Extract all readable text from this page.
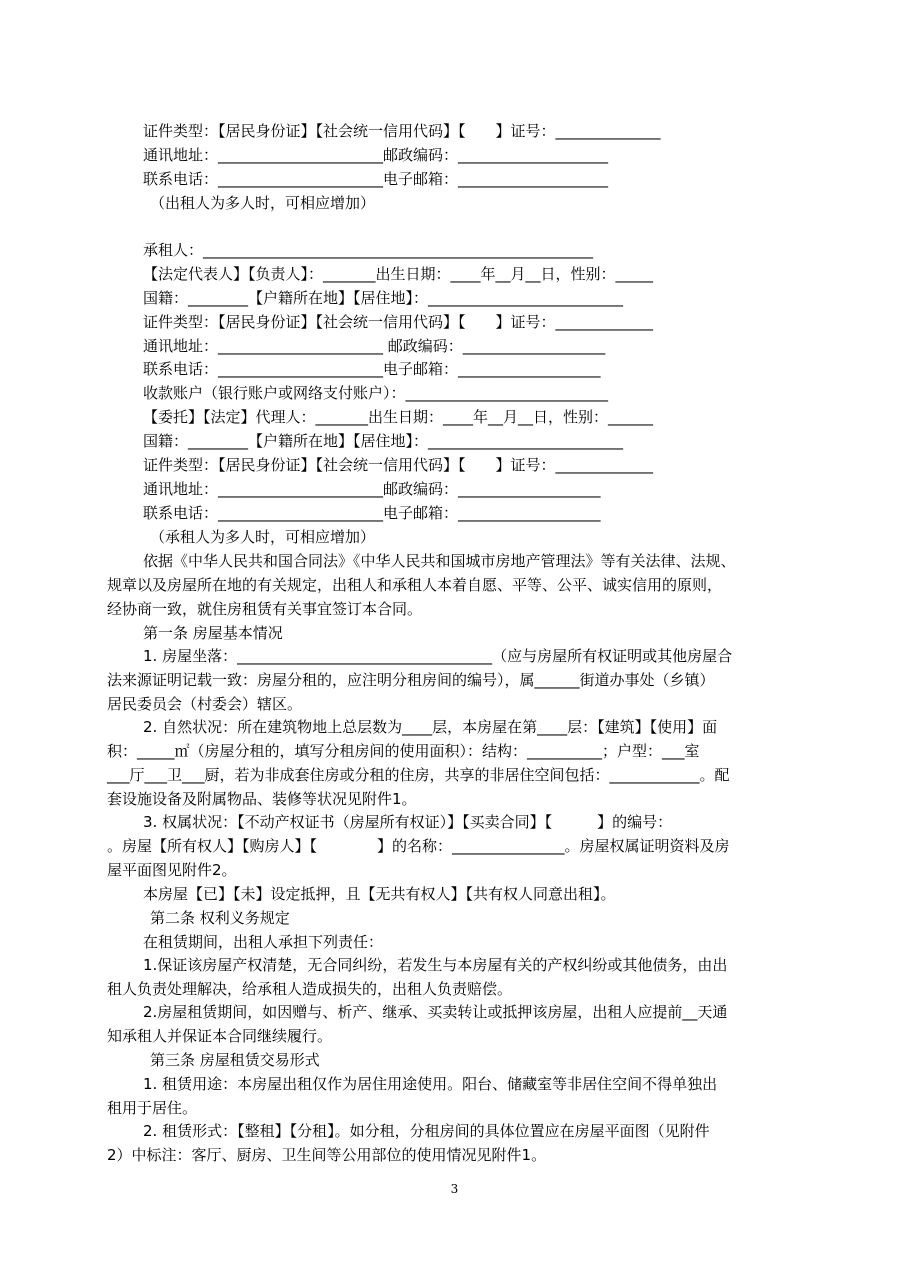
证件类型：【居民身份证】【社会统一信用代码】【　　】证号：______________
通讯地址：______________________邮政编码：____________________
联系电话：______________________电子邮箱：____________________
（出租人为多人时，可相应增加）
承租人：____________________________________________________
【法定代表人】【负责人】：_______出生日期：____年__月__日，性别：_____
国籍：________【户籍所在地】【居住地】：__________________________
证件类型：【居民身份证】【社会统一信用代码】【　　】证号：_____________
通讯地址：______________________ 邮政编码：___________________
联系电话：______________________电子邮箱：___________________
收款账户（银行账户或网络支付账户）：___________________________
【委托】【法定】代理人：_______出生日期：____年__月__日，性别：______
国籍：________【户籍所在地】【居住地】：__________________________
证件类型：【居民身份证】【社会统一信用代码】【　　】证号：_____________
通讯地址：______________________邮政编码：___________________
联系电话：______________________电子邮箱：___________________
（承租人为多人时，可相应增加）
依据《中华人民共和国合同法》《中华人民共和国城市房地产管理法》等有关法律、法规、
规章以及房屋所在地的有关规定，出租人和承租人本着自愿、平等、公平、诚实信用的原则，
经协商一致，就住房租赁有关事宜签订本合同。
第一条 房屋基本情况
1. 房屋坐落：__________________________________（应与房屋所有权证明或其他房屋合
法来源证明记载一致：房屋分租的，应注明分租房间的编号），属______街道办事处（乡镇）
居民委员会（村委会）辖区。
2. 自然状况：所在建筑物地上总层数为____层，本房屋在第____层：【建筑】【使用】面
积：_____㎡（房屋分租的，填写分租房间的使用面积）：结构：__________；户型：___室
___厅___卫___厨，若为非成套住房或分租的住房，共享的非居住空间包括：____________。配
套设施设备及附属物品、装修等状况见附件1。
3. 权属状况：【不动产权证书（房屋所有权证）】【买卖合同】【　　　】的编号：
。房屋【所有权人】【购房人】【　　　　】的名称：_______________。房屋权属证明资料及房
屋平面图见附件2。
本房屋【已】【未】设定抵押，且【无共有权人】【共有权人同意出租】。
第二条 权利义务规定
在租赁期间，出租人承担下列责任：
1.保证该房屋产权清楚，无合同纠纷，若发生与本房屋有关的产权纠纷或其他债务，由出
租人负责处理解决，给承租人造成损失的，出租人负责赔偿。
2.房屋租赁期间，如因赠与、析产、继承、买卖转让或抵押该房屋，出租人应提前__天通
知承租人并保证本合同继续履行。
第三条 房屋租赁交易形式
1. 租赁用途：本房屋出租仅作为居住用途使用。阳台、储藏室等非居住空间不得单独出
租用于居住。
2. 租赁形式：【整租】【分租】。如分租，分租房间的具体位置应在房屋平面图（见附件
2）中标注：客厅、厨房、卫生间等公用部位的使用情况见附件1。
3
